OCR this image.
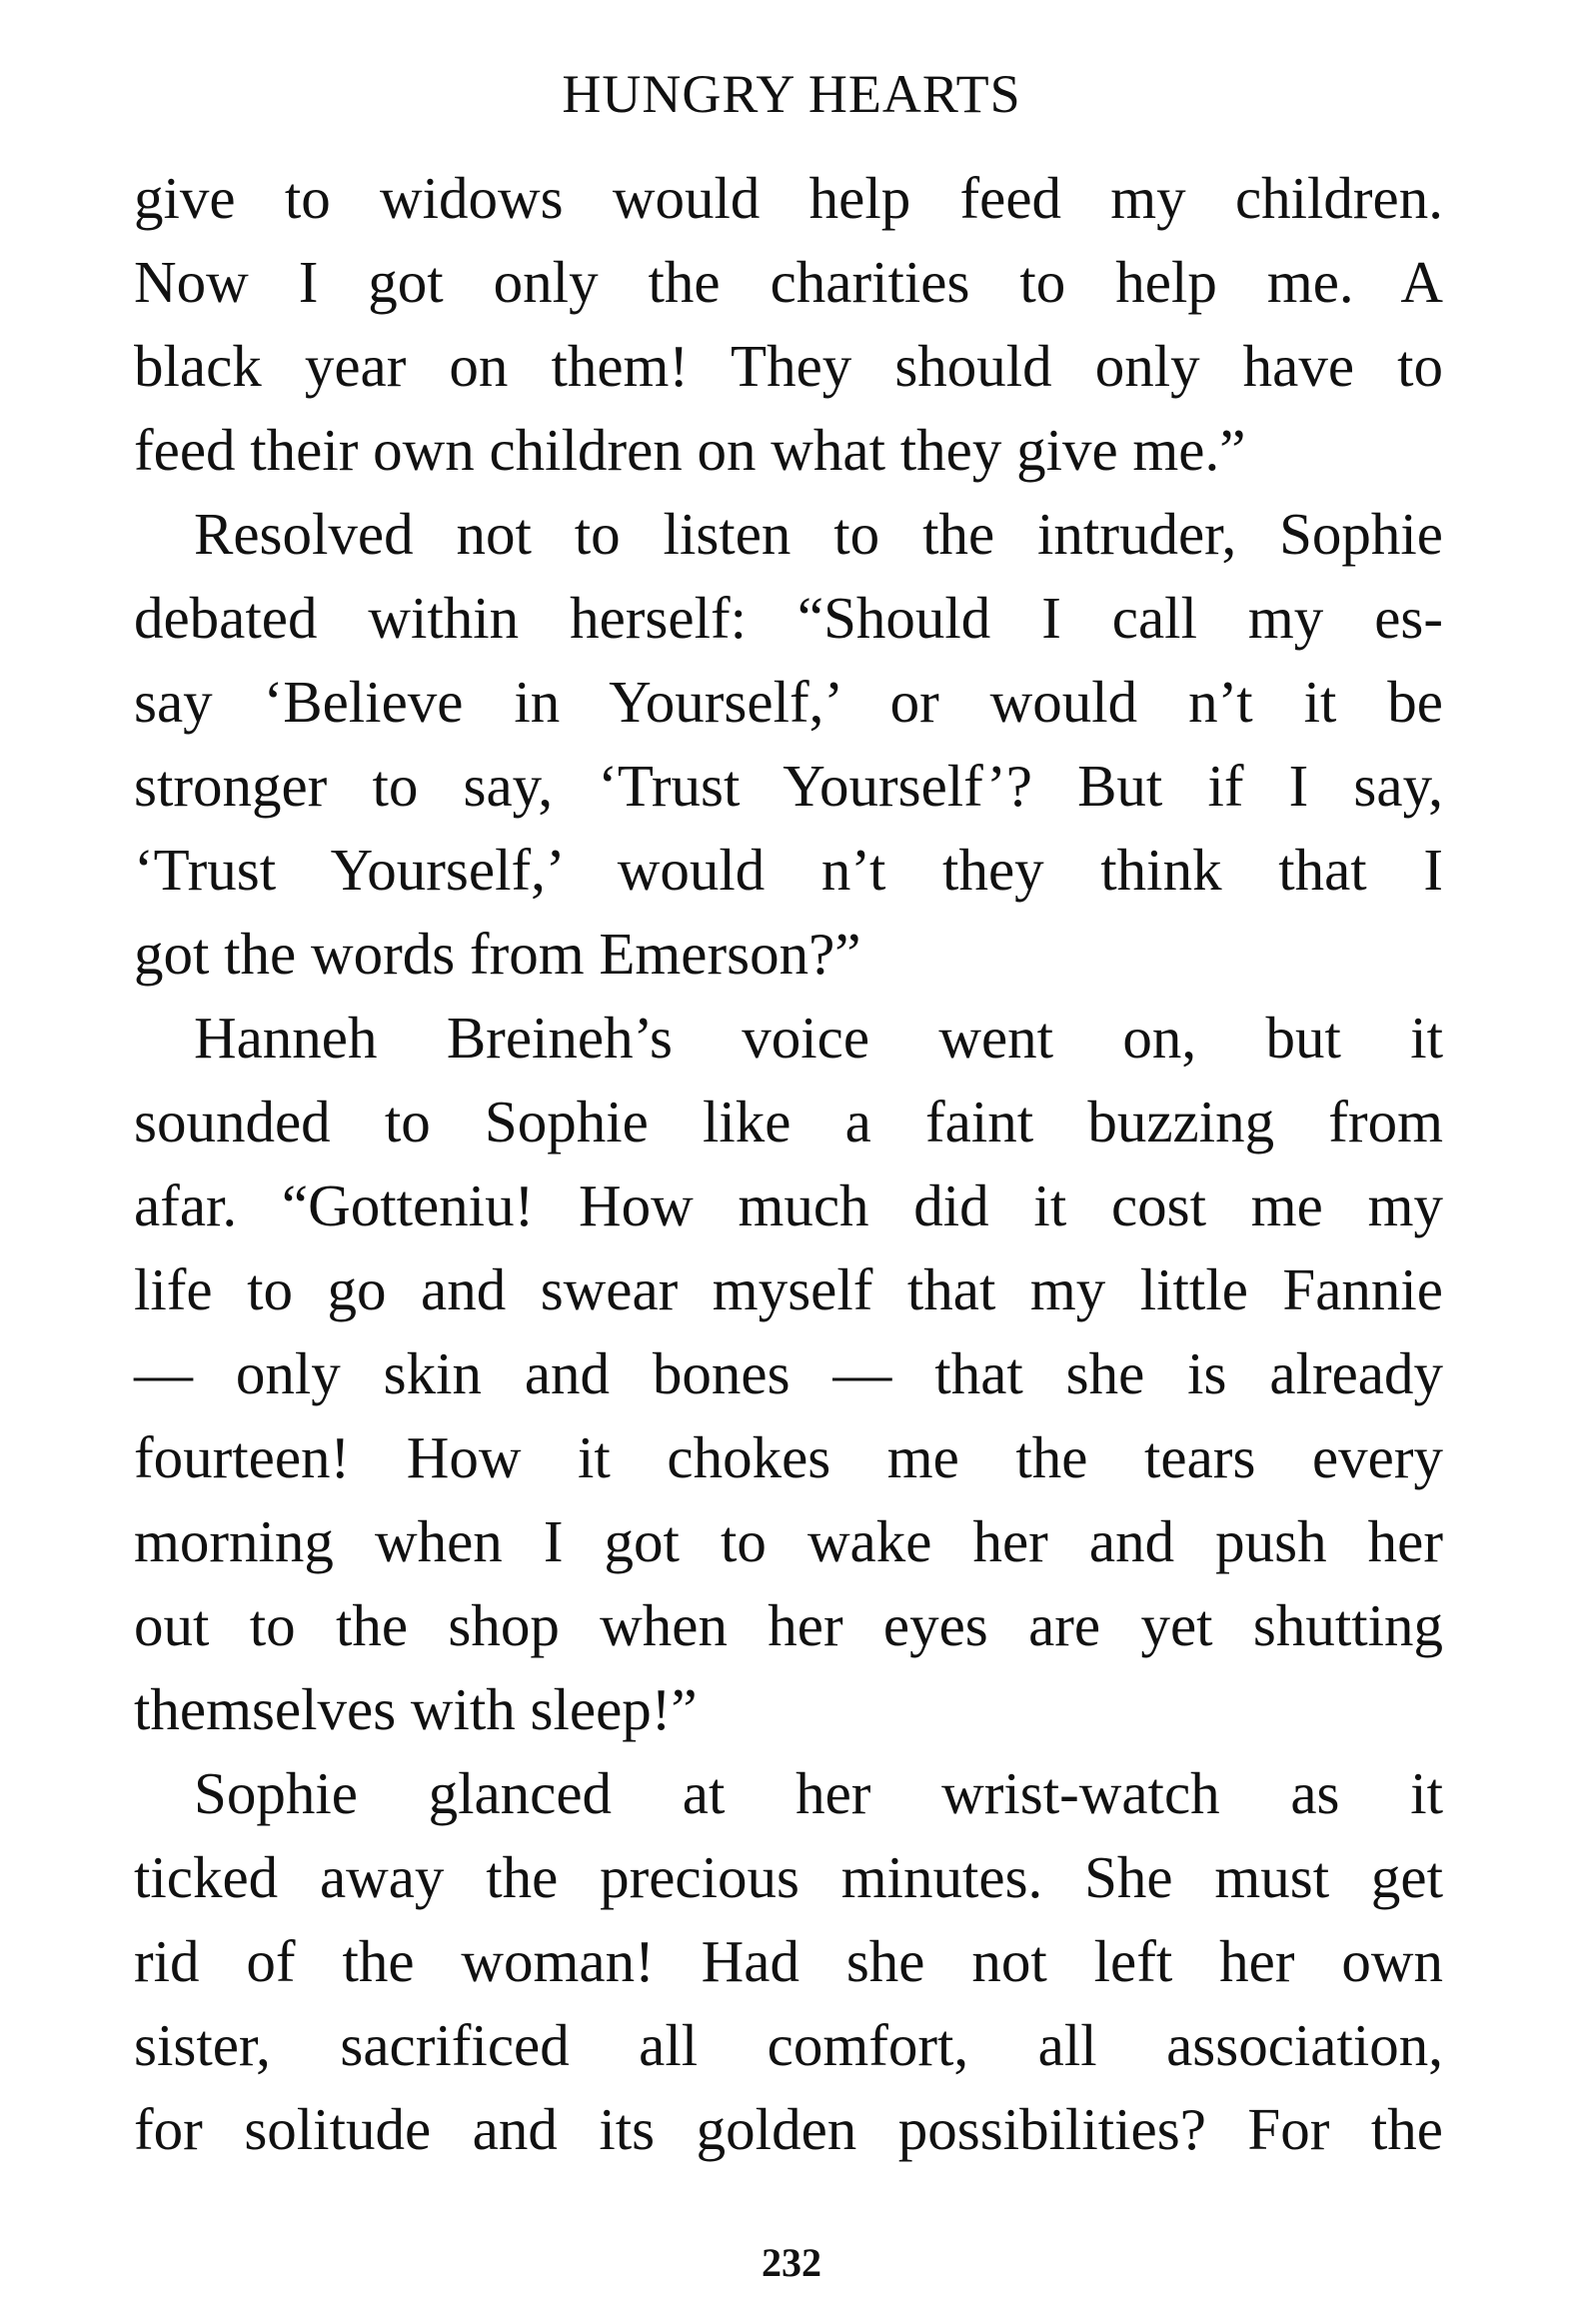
HUNGRY HEARTS
give to widows would help feed my children.
Now I got only the charities to help me. A
black year on them! They should only have to
feed their own children on what they give me.”
Resolved not to listen to the intruder, Sophie
debated within herself: “Should I call my es-
say ‘Believe in Yourself,’ or would n’t it be
stronger to say, ‘Trust Yourself’? But if I say,
‘Trust Yourself,’ would n’t they think that I
got the words from Emerson?”
Hanneh Breineh’s voice went on, but it
sounded to Sophie like a faint buzzing from
afar. “Gotteniu! How much did it cost me my
life to go and swear myself that my little Fannie
— only skin and bones — that she is already
fourteen! How it chokes me the tears every
morning when I got to wake her and push her
out to the shop when her eyes are yet shutting
themselves with sleep!”
Sophie glanced at her wrist-watch as it
ticked away the precious minutes. She must get
rid of the woman! Had she not left her own
sister, sacrificed all comfort, all association,
for solitude and its golden possibilities? For the
232
